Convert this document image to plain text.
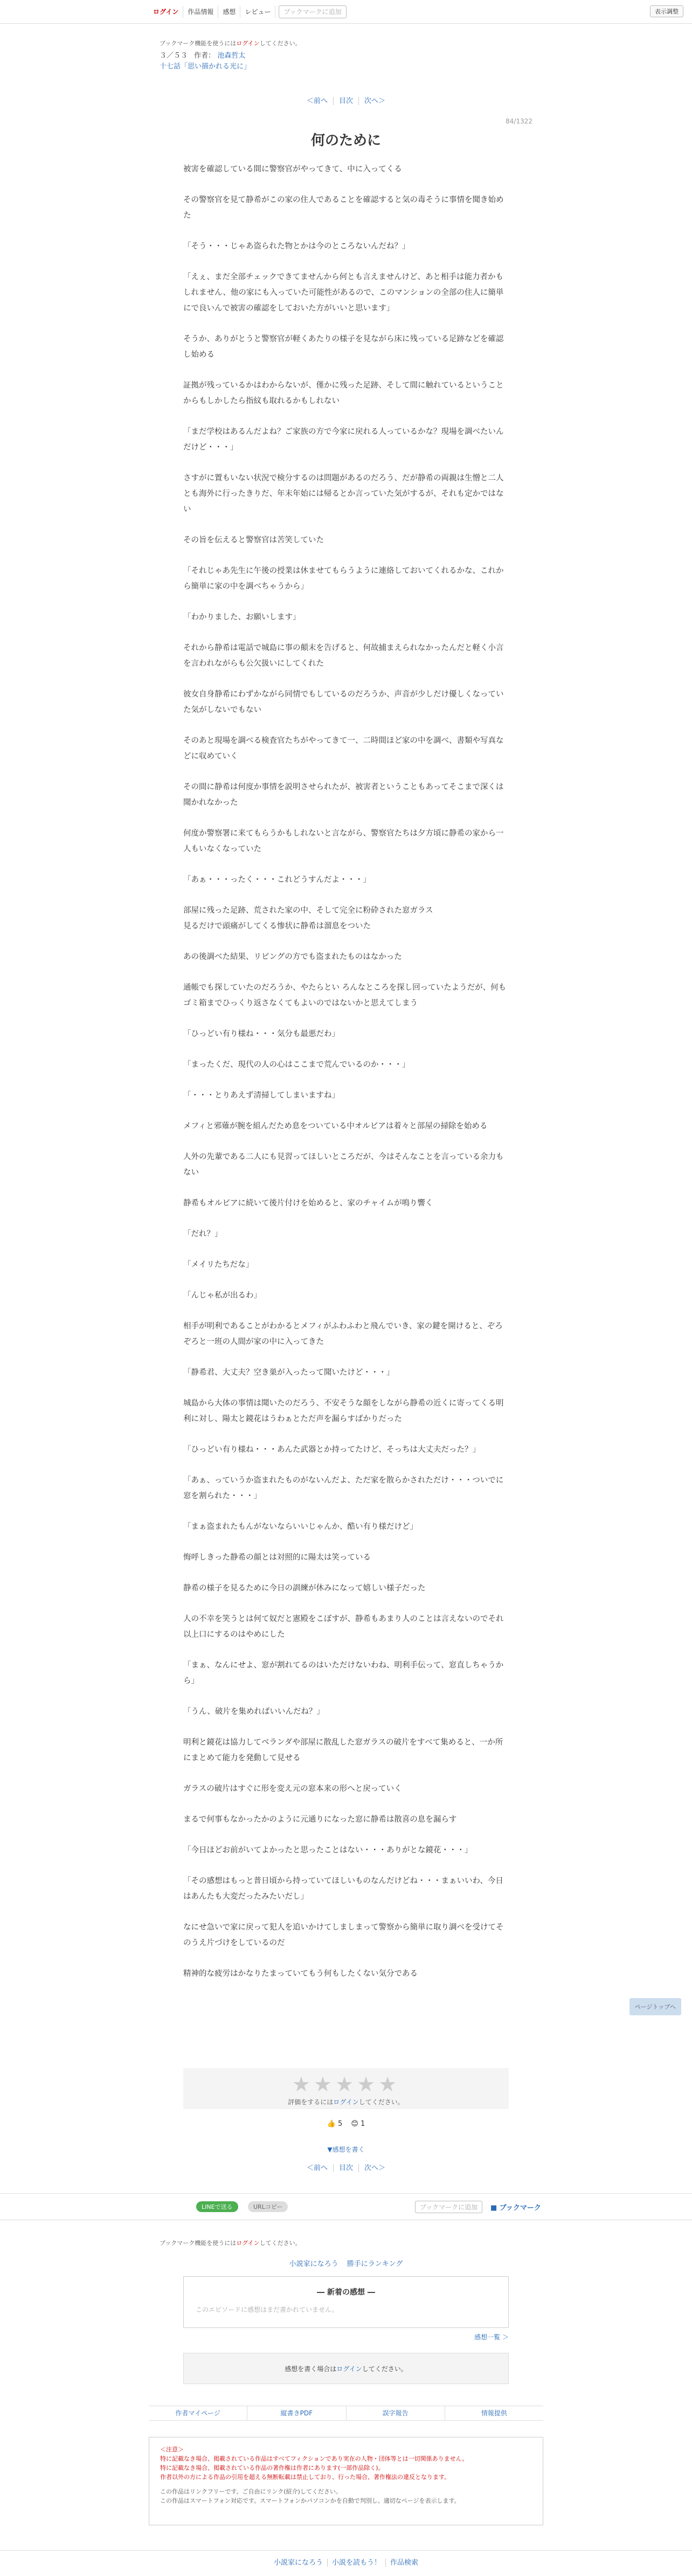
ログイン	作品情報	感想	レビュー	ブックマークに追加	表示調整
ブックマーク機能を使うにはログインしてください。
３／５３ 作者： 池森哲太
十七話「思い描かれる光に」
＜前へ 目次 次へ＞
84/1322
何のために

被害を確認している間に警察官がやってきて、中に入ってくる

その警察官を見て静希がこの家の住人であることを確認すると気の毒そうに事情を聞き始めた

「そう・・・じゃあ盗られた物とかは今のところないんだね？」

「えぇ、まだ全部チェックできてませんから何とも言えませんけど、あと相手は能力者かもしれません、他の家にも入っていた可能性があるので、このマンションの全部の住人に簡単にで良いんで被害の確認をしておいた方がいいと思います」

そうか、ありがとうと警察官が軽くあたりの様子を見ながら床に残っている足跡などを確認し始める

証拠が残っているかはわからないが、僅かに残った足跡、そして間に触れているということからもしかしたら指紋も取れるかもしれない

「まだ学校はあるんだよね？ご家族の方で今家に戻れる人っているかな？現場を調べたいんだけど・・・」

さすがに置もいない状況で検分するのは問題があるのだろう、だが静希の両親は生憎と二人とも海外に行ったきりだ、年末年始には帰るとか言っていた気がするが、それも定かではない

その旨を伝えると警察官は苦笑していた

「それじゃあ先生に午後の授業は休ませてもらうように連絡しておいてくれるかな、これから簡単に家の中を調べちゃうから」

「わかりました、お願いします」

それから静希は電話で城島に事の顛末を告げると、何故捕まえられなかったんだと軽く小言を言われながらも公欠扱いにしてくれた

彼女自身静希にわずかながら同情でもしているのだろうか、声音が少しだけ優しくなっていた気がしないでもない

そのあと現場を調べる検査官たちがやってきて一、二時間ほど家の中を調べ、書類や写真などに収めていく

その間に静希は何度か事情を説明させられたが、被害者ということもあってそこまで深くは聞かれなかった

何度か警察署に来てもらうかもしれないと言ながら、警察官たちは夕方頃に静希の家から一人もいなくなっていた

「あぁ・・・ったく・・・これどうすんだよ・・・」

部屋に残った足跡、荒された家の中、そして完全に粉砕された窓ガラス
見るだけで頭痛がしてくる惨状に静希は溜息をついた

あの後調べた結果、リビングの方でも盗まれたものはなかった

通帳でも探していたのだろうか、やたらとい ろんなところを探し回っていたようだが、何もゴミ箱までひっくり返さなくてもよいのではないかと思えてしまう

「ひっどい有り様ね・・・気分も最悪だわ」

「まったくだ、現代の人の心はここまで荒んでいるのか・・・」

「・・・とりあえず清掃してしまいますね」

メフィと邪薙が腕を組んだため息をついている中オルビアは着々と部屋の掃除を始める

人外の先輩である二人にも見習ってほしいところだが、今はそんなことを言っている余力もない

静希もオルビアに続いて後片付けを始めると、家のチャイムが鳴り響く

「だれ？」

「メイリたちだな」

「んじゃ私が出るわ」

相手が明利であることがわかるとメフィがふわふわと飛んでいき、家の鍵を開けると、ぞろぞろと一班の人間が家の中に入ってきた

「静希君、大丈夫？空き巣が入ったって聞いたけど・・・」

城島から大体の事情は聞いたのだろう、不安そうな顔をしながら静希の近くに寄ってくる明利に対し、陽太と鏡花はうわぁとただ声を漏らすばかりだった

「ひっどい有り様ね・・・あんた武器とか持ってたけど、そっちは大丈夫だった？」

「あぁ、っていうか盗まれたものがないんだよ、ただ家を散らかされただけ・・・ついでに窓を割られた・・・」

「まぁ盗まれたもんがないならいいじゃんか、酷い有り様だけど」

悔呼しきった静希の顔とは対照的に陽太は笑っている

静希の様子を見るために今日の訓練が休みになって嬉しい様子だった

人の不幸を笑うとは何て奴だと憲殿をこぼすが、静希もあまり人のことは言えないのでそれ以上口にするのはやめにした

「まぁ、なんにせよ、窓が割れてるのはいただけないわね、明利手伝って、窓直しちゃうから」

「うん、破片を集めればいいんだね？」

明利と鏡花は協力してベランダや部屋に散乱した窓ガラスの破片をすべて集めると、一か所にまとめて能力を発動して見せる

ガラスの破片はすぐに形を変え元の窓本来の形へと戻っていく

まるで何事もなかったかのように元通りになった窓に静希は散喜の息を漏らす

「今日ほどお前がいてよかったと思ったことはない・・・ありがとな鏡花・・・」

「その感想はもっと普日頃から持っていてほしいものなんだけどね・・・まぁいいわ、今日はあんたも大変だったみたいだし」

なにせ急いで家に戻って犯人を追いかけてしましまって警察から簡単に取り調べを受けてそのうえ片づけをしているのだ

精神的な疲労はかなりたまっていてもう何もしたくない気分である

ページトップへ
★★★★★
評価をするにはログインしてください。
👍 5 😊 1
▼感想を書く
＜前へ 目次 次へ＞
LINEで送る	URLコピー	ブックマークに追加	■ ブックマーク
ブックマーク機能を使うにはログインしてください。
小説家になろう 勝手にランキング
― 新着の感想 ―
このエピソードに感想はまだ書かれていません。
感想一覧 ＞
感想を書く場合はログインしてください。
作者マイページ	縦書きPDF	誤字報告	情報提供
＜注意＞
特に記載なき場合、掲載されている作品はすべてフィクションであり実在の人物・団体等とは一切関係ありません。
特に記載なき場合、掲載されている作品の著作権は作者にあります(一部作品除く)。
作者以外の方による作品の引用を超える無断転載は禁止しており、行った場合、著作権法の違反となります。
この作品はリンクフリーです。ご自由にリンク(紹介)してください。
この作品はスマートフォン対応です。スマートフォンかパソコンかを自動で判別し、適切なページを表示します。
小説家になろう 小説を読もう！ 作品検索
